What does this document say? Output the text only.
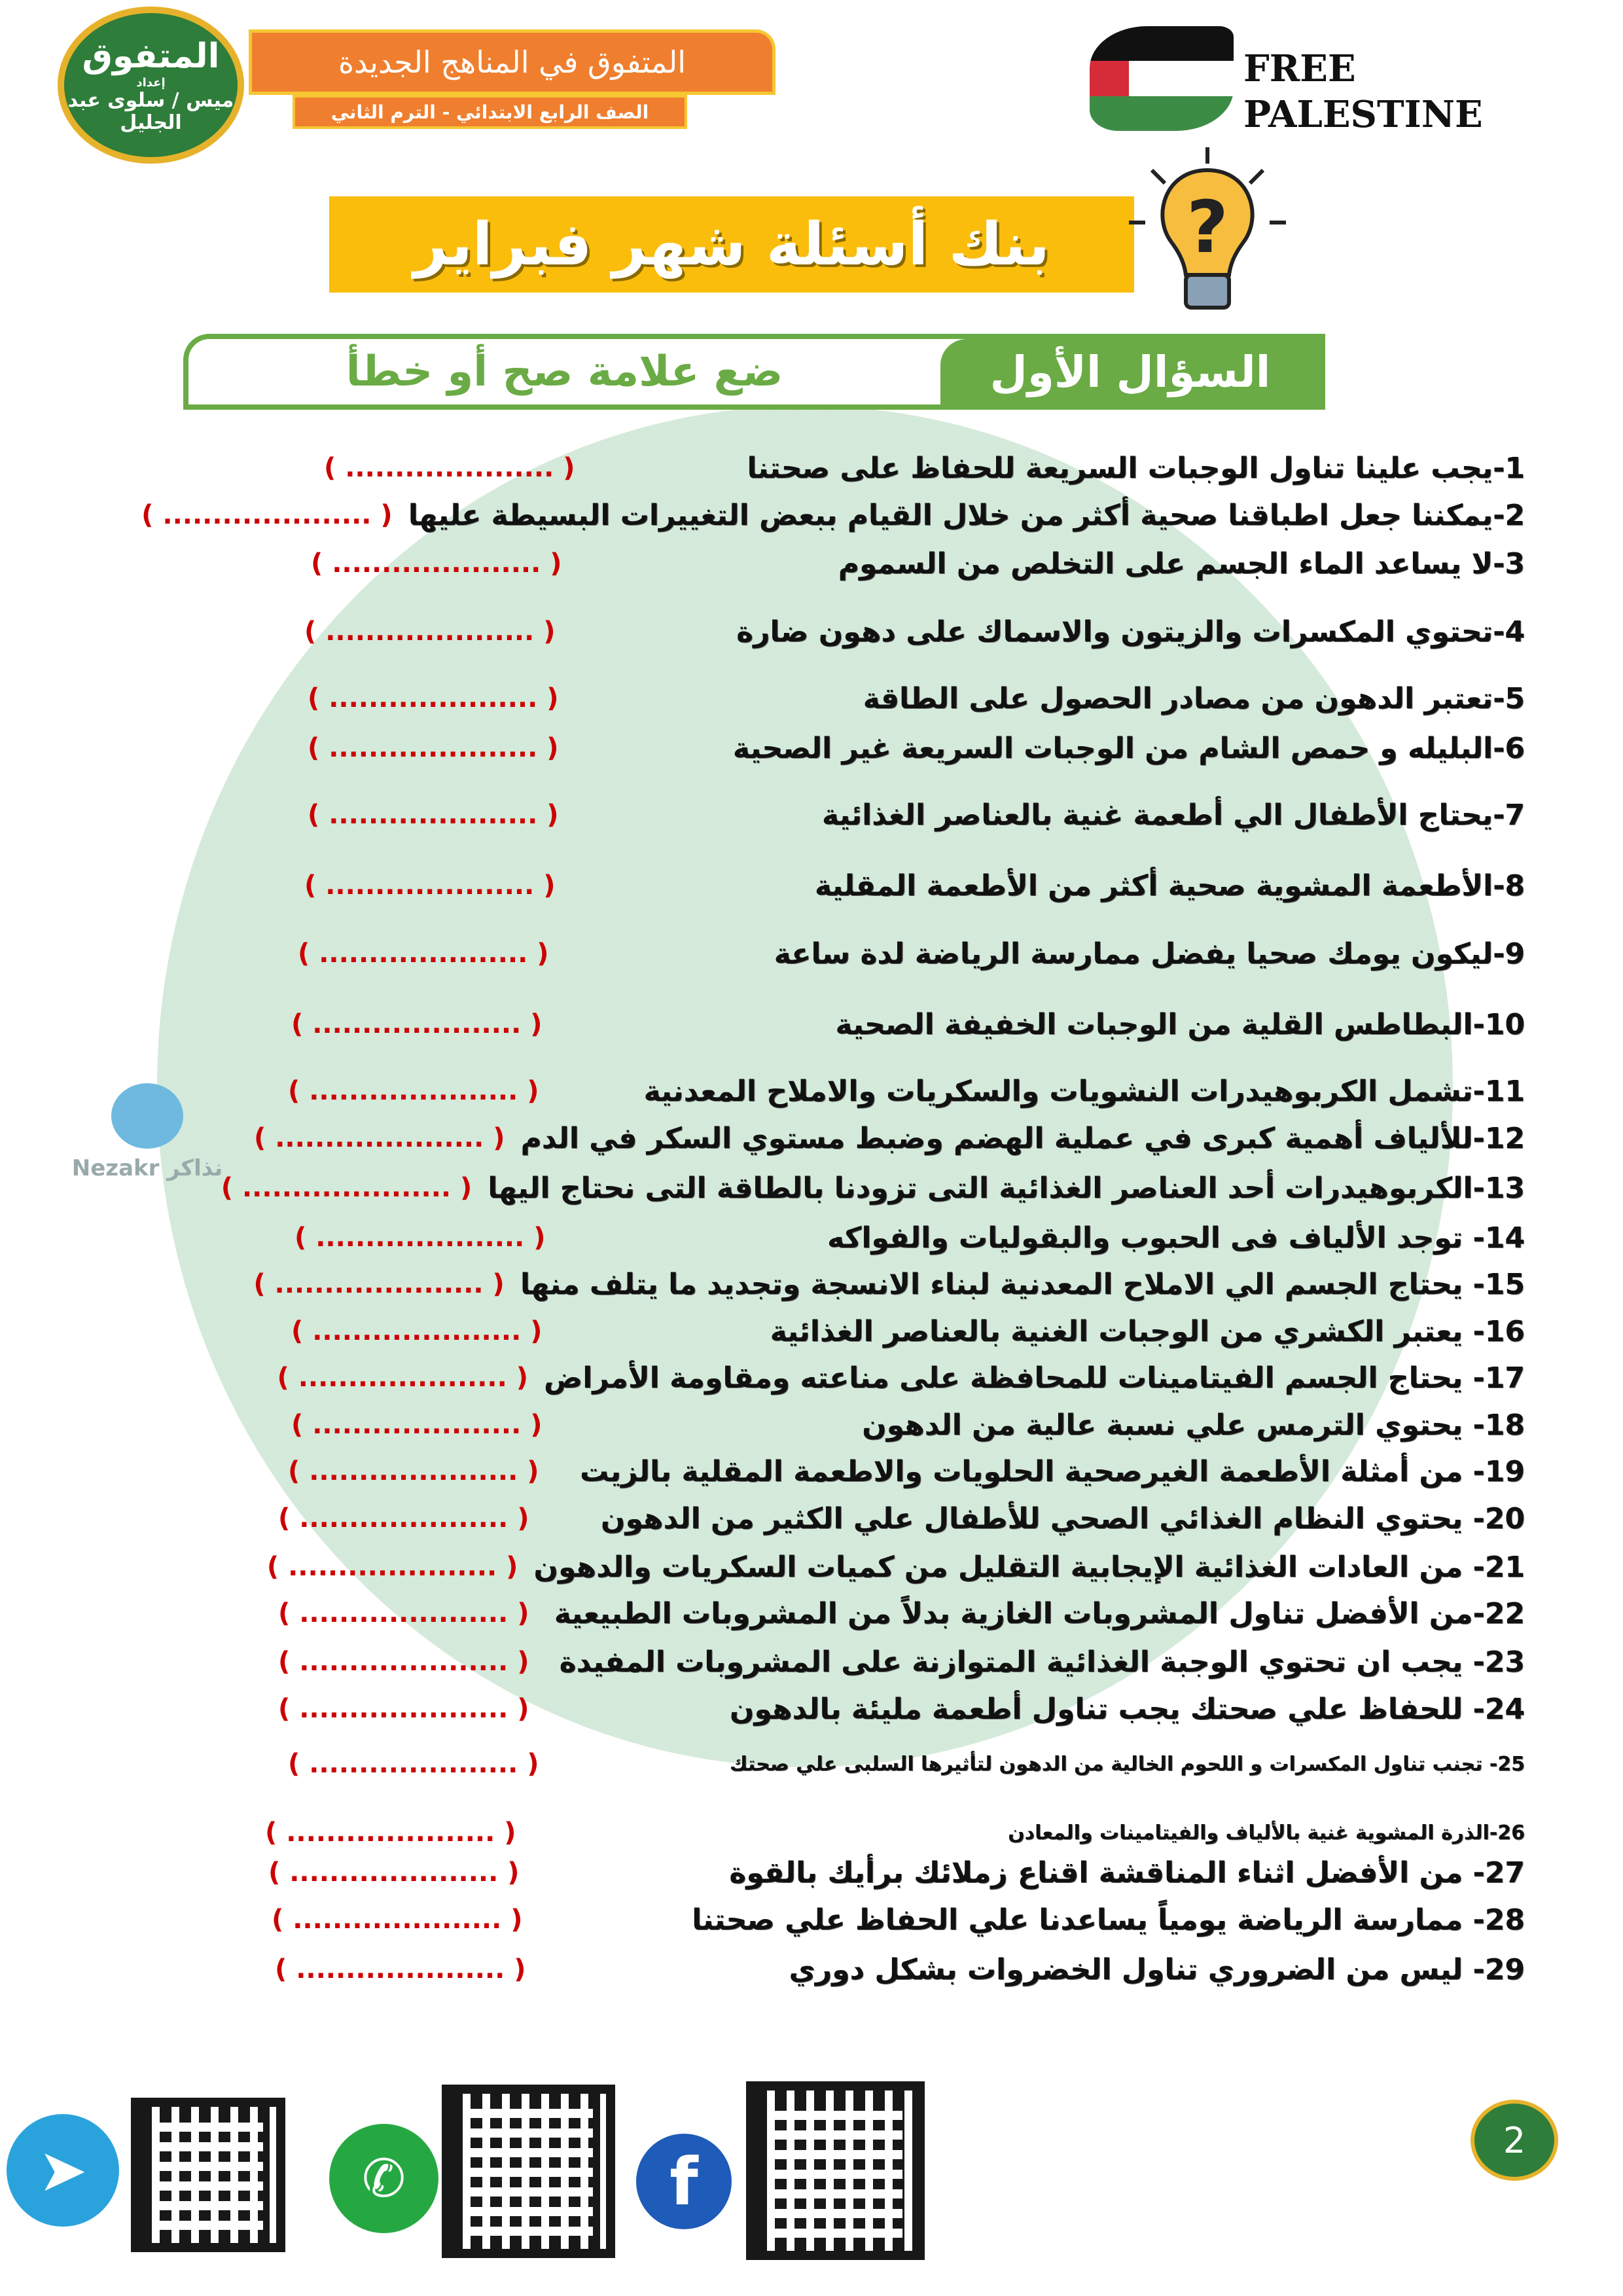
المتفوق
إعداد
ميس / سلوى عبد الجليل
المتفوق في المناهج الجديدة
الصف الرابع الابتدائي - الترم الثاني
FREE PALESTINE
بنك أسئلة شهر فبراير	?
ضع علامة صح أو خطأ	السؤال الأول
Nezakr نذاكر
1-يجب علينا تناول الوجبات السريعة للحفاظ على صحتنا
( ..................... )
2-يمكننا جعل اطباقنا صحية أكثر من خلال القيام ببعض التغييرات البسيطة عليها
( ..................... )
3-لا يساعد الماء الجسم على التخلص من السموم
( ..................... )
4-تحتوي المكسرات والزيتون والاسماك على دهون ضارة
( ..................... )
5-تعتبر الدهون من مصادر الحصول على الطاقة
( ..................... )
6-البليله و حمص الشام من الوجبات السريعة غير الصحية
( ..................... )
7-يحتاج الأطفال الي أطعمة غنية بالعناصر الغذائية
( ..................... )
8-الأطعمة المشوية صحية أكثر من الأطعمة المقلية
( ..................... )
9-ليكون يومك صحيا يفضل ممارسة الرياضة لدة ساعة
( ..................... )
10-البطاطس القلية من الوجبات الخفيفة الصحية
( ..................... )
11-تشمل الكربوهيدرات النشويات والسكريات والاملاح المعدنية
( ..................... )
12-للألياف أهمية كبرى في عملية الهضم وضبط مستوي السكر في الدم
( ..................... )
13-الكربوهيدرات أحد العناصر الغذائية التى تزودنا بالطاقة التى نحتاج اليها
( ..................... )
14- توجد الألياف فى الحبوب والبقوليات والفواكه
( ..................... )
15- يحتاج الجسم الي الاملاح المعدنية لبناء الانسجة وتجديد ما يتلف منها
( ..................... )
16- يعتبر الكشري من الوجبات الغنية بالعناصر الغذائية
( ..................... )
17- يحتاج الجسم الفيتامينات للمحافظة على مناعته ومقاومة الأمراض
( ..................... )
18- يحتوي الترمس علي نسبة عالية من الدهون
( ..................... )
19- من أمثلة الأطعمة الغيرصحية الحلويات والاطعمة المقلية بالزيت
( ..................... )
20- يحتوي النظام الغذائي الصحي للأطفال علي الكثير من الدهون
( ..................... )
21- من العادات الغذائية الإيجابية التقليل من كميات السكريات والدهون
( ..................... )
22-من الأفضل تناول المشروبات الغازية بدلاً من المشروبات الطبيعية
( ..................... )
23- يجب ان تحتوي الوجبة الغذائية المتوازنة على المشروبات المفيدة
( ..................... )
24- للحفاظ علي صحتك يجب تناول أطعمة مليئة بالدهون
( ..................... )
25- تجنب تناول المكسرات و اللحوم الخالية من الدهون لتأثيرها السلبى علي صحتك
( ..................... )
26-الذرة المشوية غنية بالألياف والفيتامينات والمعادن
( ..................... )
27- من الأفضل اثناء المناقشة اقناع زملائك برأيك بالقوة
( ..................... )
28- ممارسة الرياضة يومياً يساعدنا علي الحفاظ علي صحتنا
( ..................... )
29- ليس من الضروري تناول الخضروات بشكل دوري
( ..................... )
➤	✆	f
2
